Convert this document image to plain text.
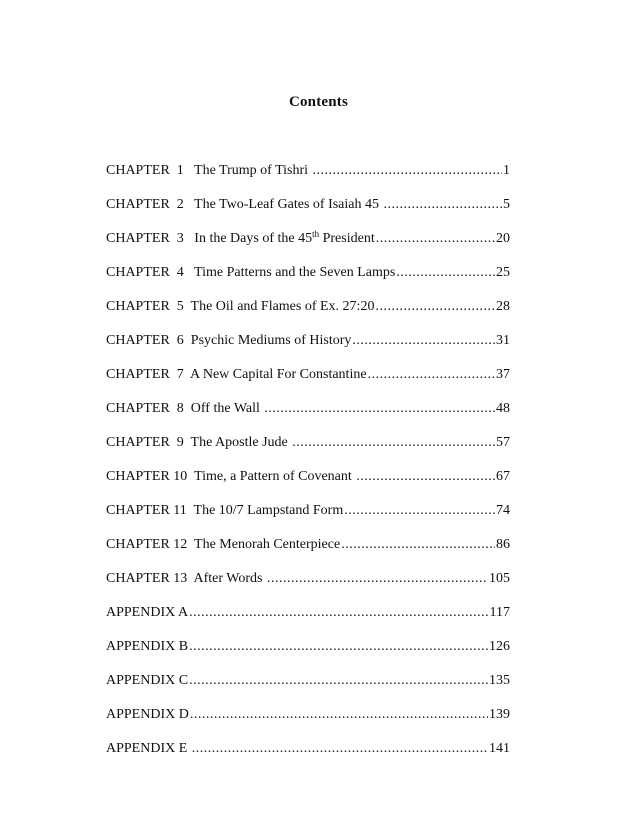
Contents
CHAPTER  1   The Trump of Tishri .....	1
CHAPTER  2   The Two-Leaf Gates of Isaiah 45 .....	5
CHAPTER  3   In the Days of the 45th President .....	20
CHAPTER  4   Time Patterns and the Seven Lamps .....	25
CHAPTER  5  The Oil and Flames of Ex. 27:20 .....	28
CHAPTER  6  Psychic Mediums of History .....	31
CHAPTER  7  A New Capital For Constantine .....	37
CHAPTER  8  Off the Wall .....	48
CHAPTER  9  The Apostle Jude .....	57
CHAPTER 10  Time, a Pattern of Covenant .....	67
CHAPTER 11  The 10/7 Lampstand Form .....	74
CHAPTER 12  The Menorah Centerpiece .....	86
CHAPTER 13  After Words .....	105
APPENDIX A .....	117
APPENDIX B .....	126
APPENDIX C .....	135
APPENDIX D .....	139
APPENDIX E .....	141
